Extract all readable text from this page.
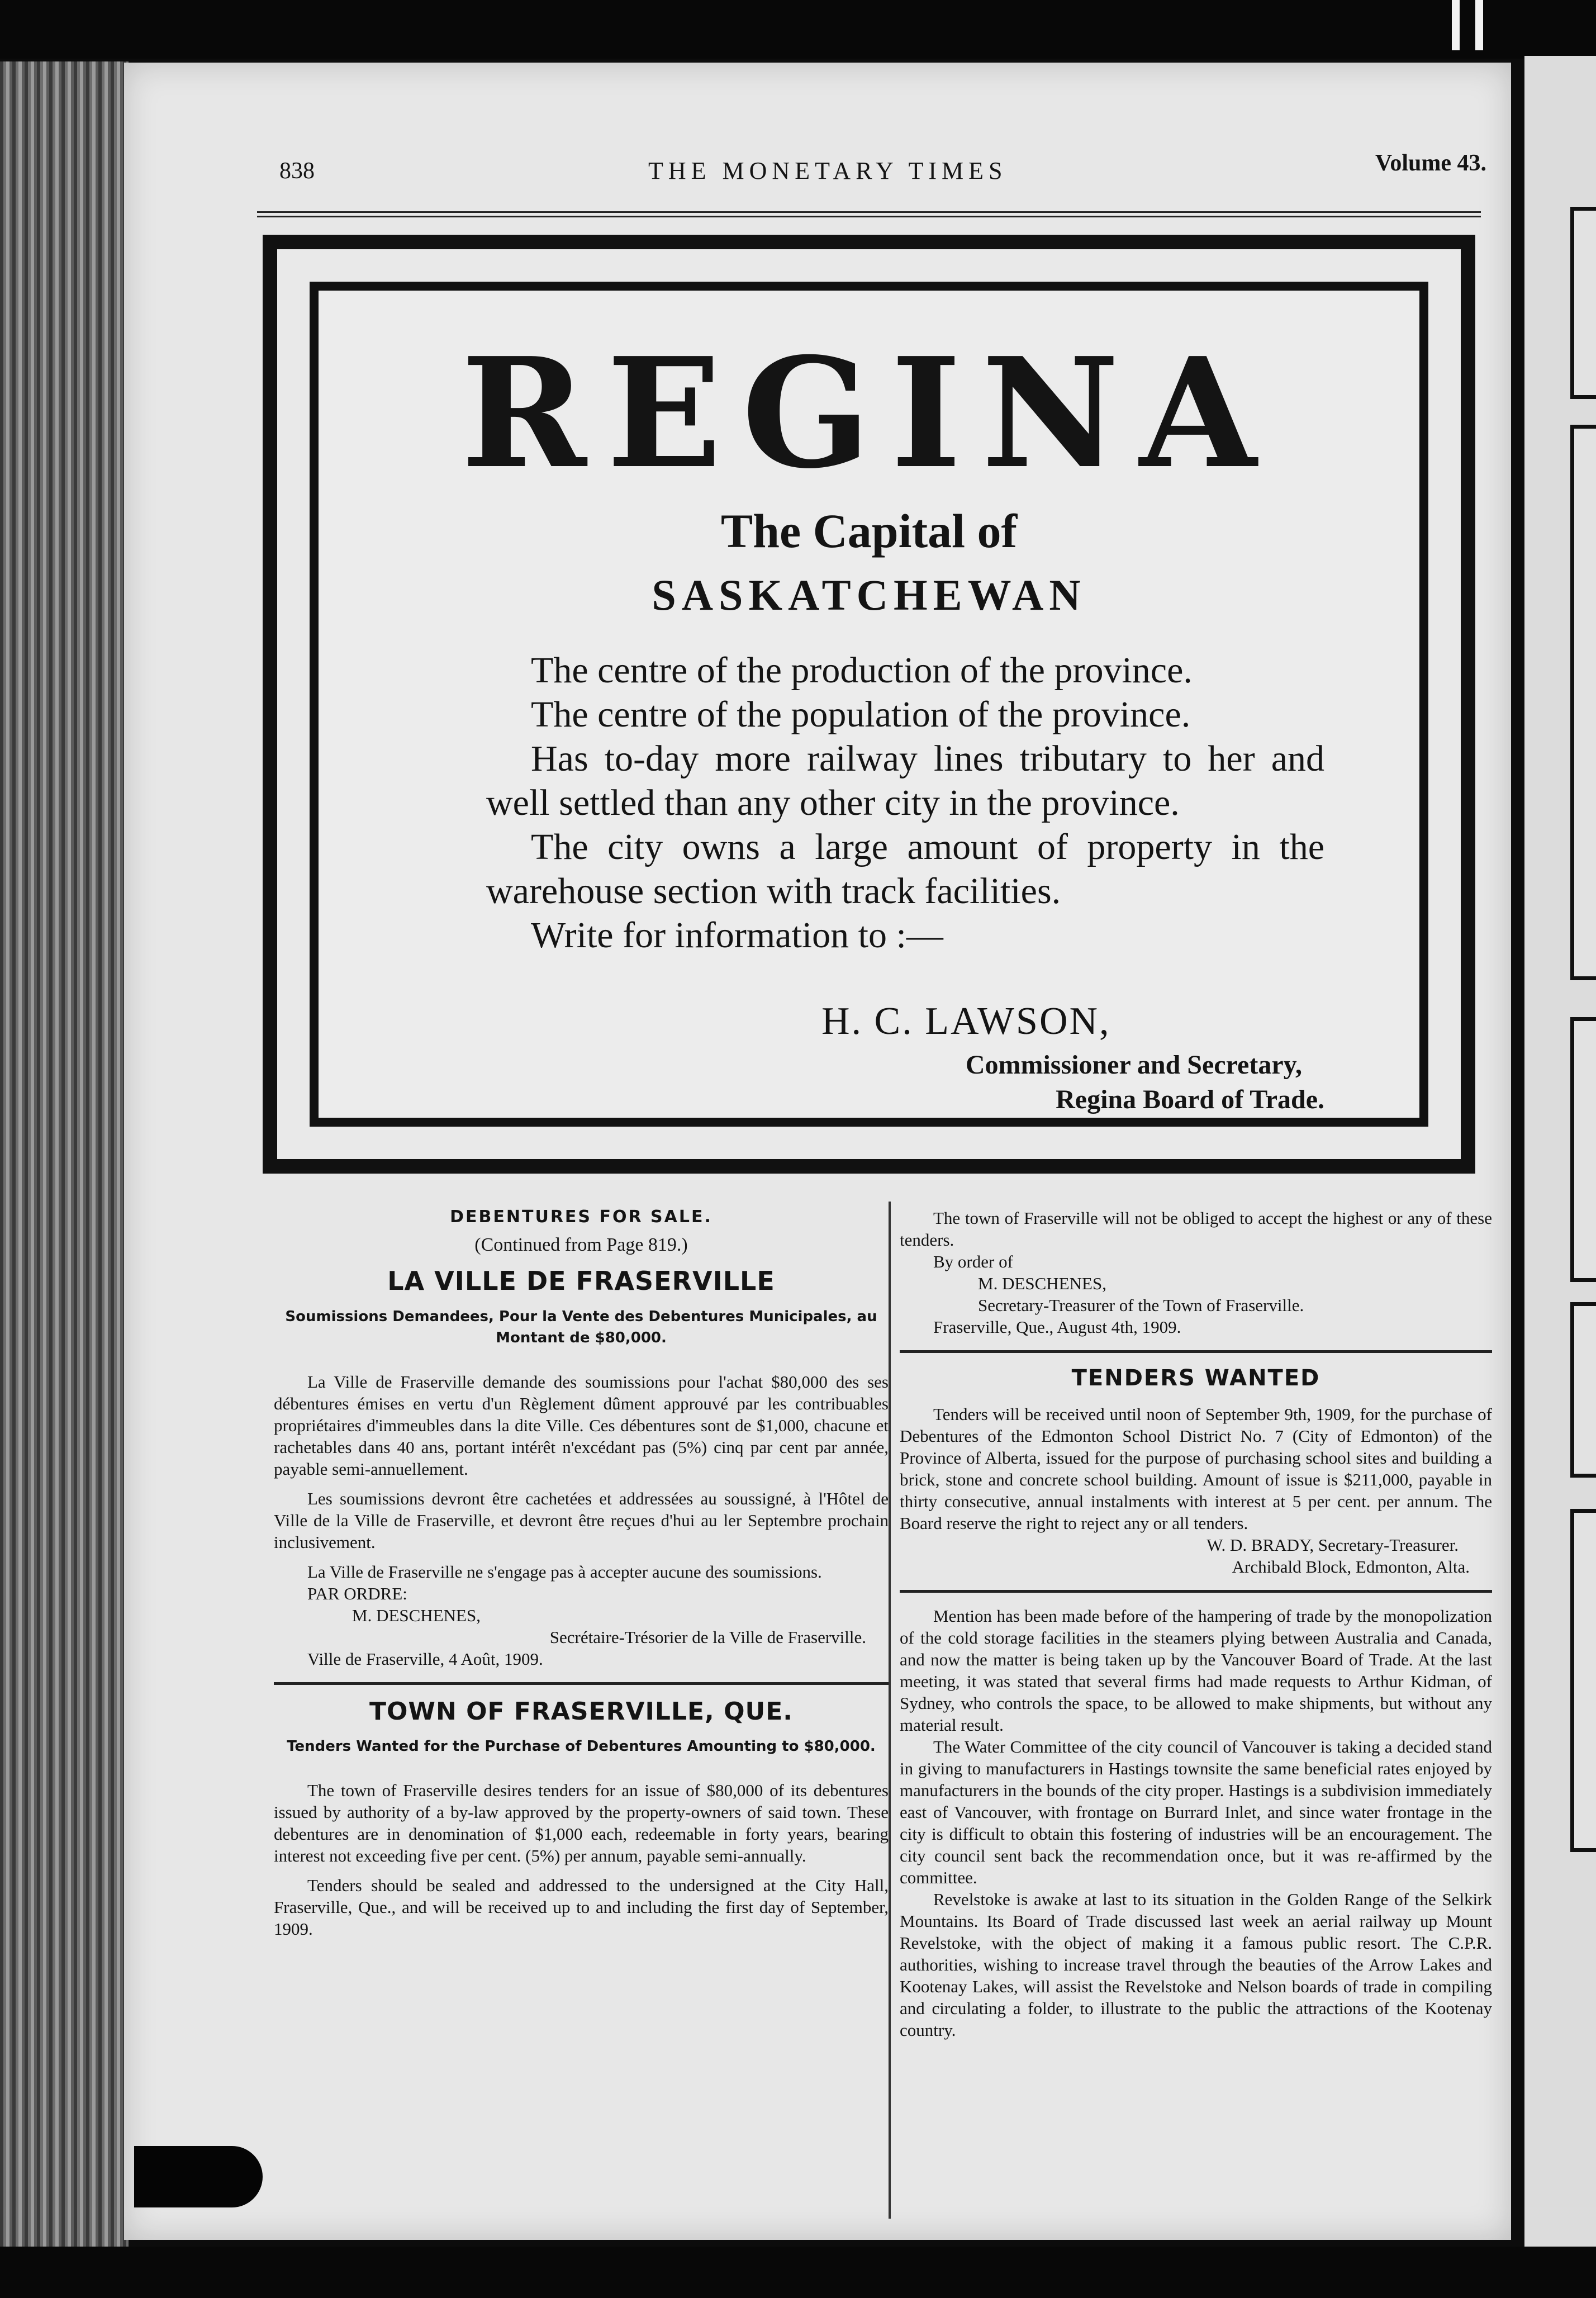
838	THE MONETARY TIMES	Volume 43.
REGINA
The Capital of
SASKATCHEWAN

The centre of the production of the province.

The centre of the population of the province.

Has to-day more railway lines tributary to her and well settled than any other city in the province.

The city owns a large amount of property in the warehouse section with track facilities.

Write for information to :—

H. C. LAWSON,
Commissioner and Secretary,
Regina Board of Trade.
DEBENTURES FOR SALE.
(Continued from Page 819.)
LA VILLE DE FRASERVILLE
Soumissions Demandees, Pour la Vente des Debentures Municipales, au Montant de $80,000.

La Ville de Fraserville demande des soumissions pour l'achat $80,000 des ses débentures émises en vertu d'un Règlement dûment approuvé par les contribuables propriétaires d'immeubles dans la dite Ville. Ces débentures sont de $1,000, chacune et rachetables dans 40 ans, portant intérêt n'excédant pas (5%) cinq par cent par année, payable semi-annuellement.

Les soumissions devront être cachetées et addressées au soussigné, à l'Hôtel de Ville de la Ville de Fraserville, et devront être reçues d'hui au ler Septembre prochain inclusivement.

La Ville de Fraserville ne s'engage pas à accepter aucune des soumissions.

PAR ORDRE:
M. DESCHENES,
Secrétaire-Trésorier de la Ville de Fraserville.
Ville de Fraserville, 4 Août, 1909.
TOWN OF FRASERVILLE, QUE.
Tenders Wanted for the Purchase of Debentures Amounting to $80,000.

The town of Fraserville desires tenders for an issue of $80,000 of its debentures issued by authority of a by-law approved by the property-owners of said town. These debentures are in denomination of $1,000 each, redeemable in forty years, bearing interest not exceeding five per cent. (5%) per annum, payable semi-annually.

Tenders should be sealed and addressed to the undersigned at the City Hall, Fraserville, Que., and will be received up to and including the first day of September, 1909.

The town of Fraserville will not be obliged to accept the highest or any of these tenders.

By order of
M. DESCHENES,
Secretary-Treasurer of the Town of Fraserville.
Fraserville, Que., August 4th, 1909.
TENDERS WANTED

Tenders will be received until noon of September 9th, 1909, for the purchase of Debentures of the Edmonton School District No. 7 (City of Edmonton) of the Province of Alberta, issued for the purpose of purchasing school sites and building a brick, stone and concrete school building. Amount of issue is $211,000, payable in thirty consecutive, annual instalments with interest at 5 per cent. per annum. The Board reserve the right to reject any or all tenders.

W. D. BRADY, Secretary-Treasurer.
Archibald Block, Edmonton, Alta.

Mention has been made before of the hampering of trade by the monopolization of the cold storage facilities in the steamers plying between Australia and Canada, and now the matter is being taken up by the Vancouver Board of Trade. At the last meeting, it was stated that several firms had made requests to Arthur Kidman, of Sydney, who controls the space, to be allowed to make shipments, but without any material result.

The Water Committee of the city council of Vancouver is taking a decided stand in giving to manufacturers in Hastings townsite the same beneficial rates enjoyed by manufacturers in the bounds of the city proper. Hastings is a subdivision immediately east of Vancouver, with frontage on Burrard Inlet, and since water frontage in the city is difficult to obtain this fostering of industries will be an encouragement. The city council sent back the recommendation once, but it was re-affirmed by the committee.

Revelstoke is awake at last to its situation in the Golden Range of the Selkirk Mountains. Its Board of Trade discussed last week an aerial railway up Mount Revelstoke, with the object of making it a famous public resort. The C.P.R. authorities, wishing to increase travel through the beauties of the Arrow Lakes and Kootenay Lakes, will assist the Revelstoke and Nelson boards of trade in compiling and circulating a folder, to illustrate to the public the attractions of the Kootenay country.
